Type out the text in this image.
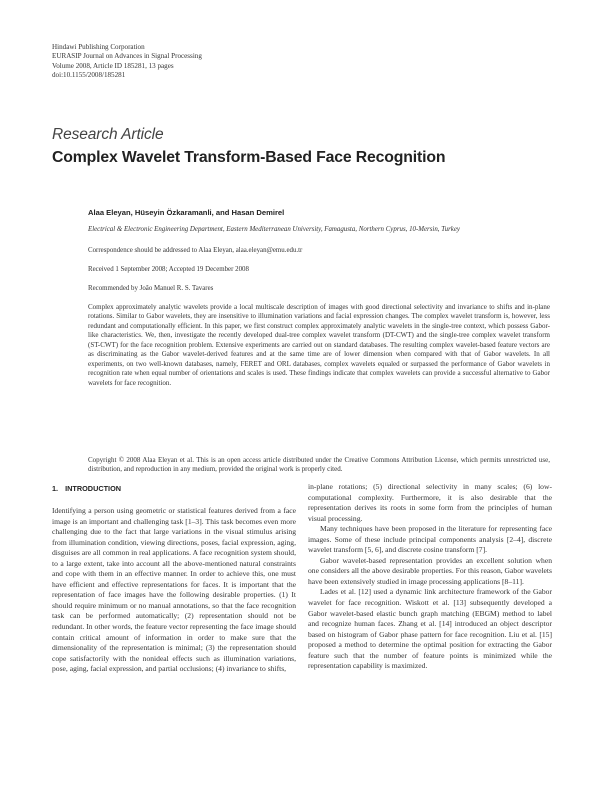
Hindawi Publishing Corporation
EURASIP Journal on Advances in Signal Processing
Volume 2008, Article ID 185281, 13 pages
doi:10.1155/2008/185281
Research Article
Complex Wavelet Transform-Based Face Recognition
Alaa Eleyan, Hüseyin Özkaramanli, and Hasan Demirel
Electrical & Electronic Engineering Department, Eastern Mediterranean University, Famagusta, Northern Cyprus, 10-Mersin, Turkey
Correspondence should be addressed to Alaa Eleyan, alaa.eleyan@emu.edu.tr
Received 1 September 2008; Accepted 19 December 2008
Recommended by João Manuel R. S. Tavares

Complex approximately analytic wavelets provide a local multiscale description of images with good directional selectivity and invariance to shifts and in-plane rotations. Similar to Gabor wavelets, they are insensitive to illumination variations and facial expression changes. The complex wavelet transform is, however, less redundant and computationally efficient. In this paper, we first construct complex approximately analytic wavelets in the single-tree context, which possess Gabor-like characteristics. We, then, investigate the recently developed dual-tree complex wavelet transform (DT-CWT) and the single-tree complex wavelet transform (ST-CWT) for the face recognition problem. Extensive experiments are carried out on standard databases. The resulting complex wavelet-based feature vectors are as discriminating as the Gabor wavelet-derived features and at the same time are of lower dimension when compared with that of Gabor wavelets. In all experiments, on two well-known databases, namely, FERET and ORL databases, complex wavelets equaled or surpassed the performance of Gabor wavelets in recognition rate when equal number of orientations and scales is used. These findings indicate that complex wavelets can provide a successful alternative to Gabor wavelets for face recognition.

Copyright © 2008 Alaa Eleyan et al. This is an open access article distributed under the Creative Commons Attribution License, which permits unrestricted use, distribution, and reproduction in any medium, provided the original work is properly cited.

1. INTRODUCTION

Identifying a person using geometric or statistical features derived from a face image is an important and challenging task [1–3]. This task becomes even more challenging due to the fact that large variations in the visual stimulus arising from illumination condition, viewing directions, poses, facial expression, aging, disguises are all common in real applications. A face recognition system should, to a large extent, take into account all the above-mentioned natural constraints and cope with them in an effective manner. In order to achieve this, one must have efficient and effective representations for faces. It is important that the representation of face images have the following desirable properties. (1) It should require minimum or no manual annotations, so that the face recognition task can be performed automatically; (2) representation should not be redundant. In other words, the feature vector representing the face image should contain critical amount of information in order to make sure that the dimensionality of the representation is minimal; (3) the representation should cope satisfactorily with the nonideal effects such as illumination variations, pose, aging, facial expression, and partial occlusions; (4) invariance to shifts,

in-plane rotations; (5) directional selectivity in many scales; (6) low-computational complexity. Furthermore, it is also desirable that the representation derives its roots in some form from the principles of human visual processing.

Many techniques have been proposed in the literature for representing face images. Some of these include principal components analysis [2–4], discrete wavelet transform [5, 6], and discrete cosine transform [7].

Gabor wavelet-based representation provides an excellent solution when one considers all the above desirable properties. For this reason, Gabor wavelets have been extensively studied in image processing applications [8–11].

Lades et al. [12] used a dynamic link architecture framework of the Gabor wavelet for face recognition. Wiskott et al. [13] subsequently developed a Gabor wavelet-based elastic bunch graph matching (EBGM) method to label and recognize human faces. Zhang et al. [14] introduced an object descriptor based on histogram of Gabor phase pattern for face recognition. Liu et al. [15] proposed a method to determine the optimal position for extracting the Gabor feature such that the number of feature points is minimized while the representation capability is maximized.
